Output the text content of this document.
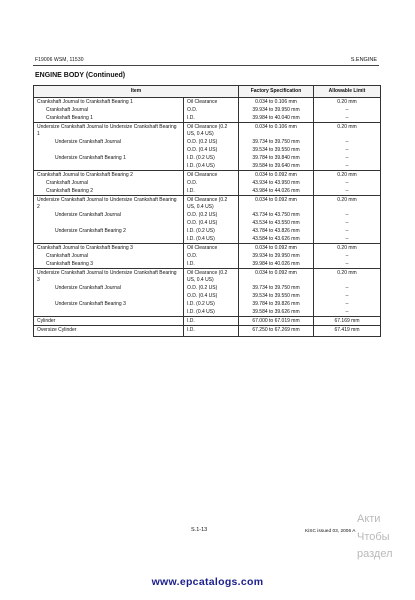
F19006 WSM, 11530	S.ENGINE
ENGINE BODY (Continued)
Item		Factory Specification	Allowable Limit
Crankshaft Journal to Crankshaft Bearing 1	Oil Clearance	0.034 to 0.106 mm	0.20 mm
Crankshaft Journal	O.D.	39.934 to 39.950 mm	–
Crankshaft Bearing 1	I.D.	39.984 to 40.040 mm	–
Undersize Crankshaft Journal to Undersize Crankshaft Bearing 1	Oil Clearance (0.2 US, 0.4 US)	0.034 to 0.106 mm	0.20 mm
Undersize Crankshaft Journal	O.D. (0.2 US)	39.734 to 39.750 mm	–
	O.D. (0.4 US)	39.534 to 39.550 mm	–
Undersize Crankshaft Bearing 1	I.D. (0.2 US)	39.784 to 39.840 mm	–
	I.D. (0.4 US)	39.584 to 39.640 mm	–
Crankshaft Journal to Crankshaft Bearing 2	Oil Clearance	0.034 to 0.092 mm	0.20 mm
Crankshaft Journal	O.D.	43.934 to 43.950 mm	–
Crankshaft Bearing 2	I.D.	43.984 to 44.026 mm	–
Undersize Crankshaft Journal to Undersize Crankshaft Bearing 2	Oil Clearance (0.2 US, 0.4 US)	0.034 to 0.092 mm	0.20 mm
Undersize Crankshaft Journal	O.D. (0.2 US)	43.734 to 43.750 mm	–
	O.D. (0.4 US)	43.534 to 43.550 mm	–
Undersize Crankshaft Bearing 2	I.D. (0.2 US)	43.784 to 43.826 mm	–
	I.D. (0.4 US)	43.584 to 43.626 mm	–
Crankshaft Journal to Crankshaft Bearing 3	Oil Clearance	0.034 to 0.092 mm	0.20 mm
Crankshaft Journal	O.D.	39.934 to 39.950 mm	–
Crankshaft Bearing 3	I.D.	39.984 to 40.026 mm	–
Undersize Crankshaft Journal to Undersize Crankshaft Bearing 3	Oil Clearance (0.2 US, 0.4 US)	0.034 to 0.092 mm	0.20 mm
Undersize Crankshaft Journal	O.D. (0.2 US)	39.734 to 39.750 mm	–
	O.D. (0.4 US)	39.534 to 39.550 mm	–
Undersize Crankshaft Bearing 3	I.D. (0.2 US)	39.784 to 39.826 mm	–
	I.D. (0.4 US)	39.584 to 39.626 mm	–
Cylinder	I.D.	67.000 to 67.019 mm	67.169 mm
Oversize Cylinder	I.D.	67.250 to 67.269 mm	67.419 mm
S.1-13	KiSC issued 03, 2006 A
Акти
Чтобы
раздел
www.epcatalogs.com
